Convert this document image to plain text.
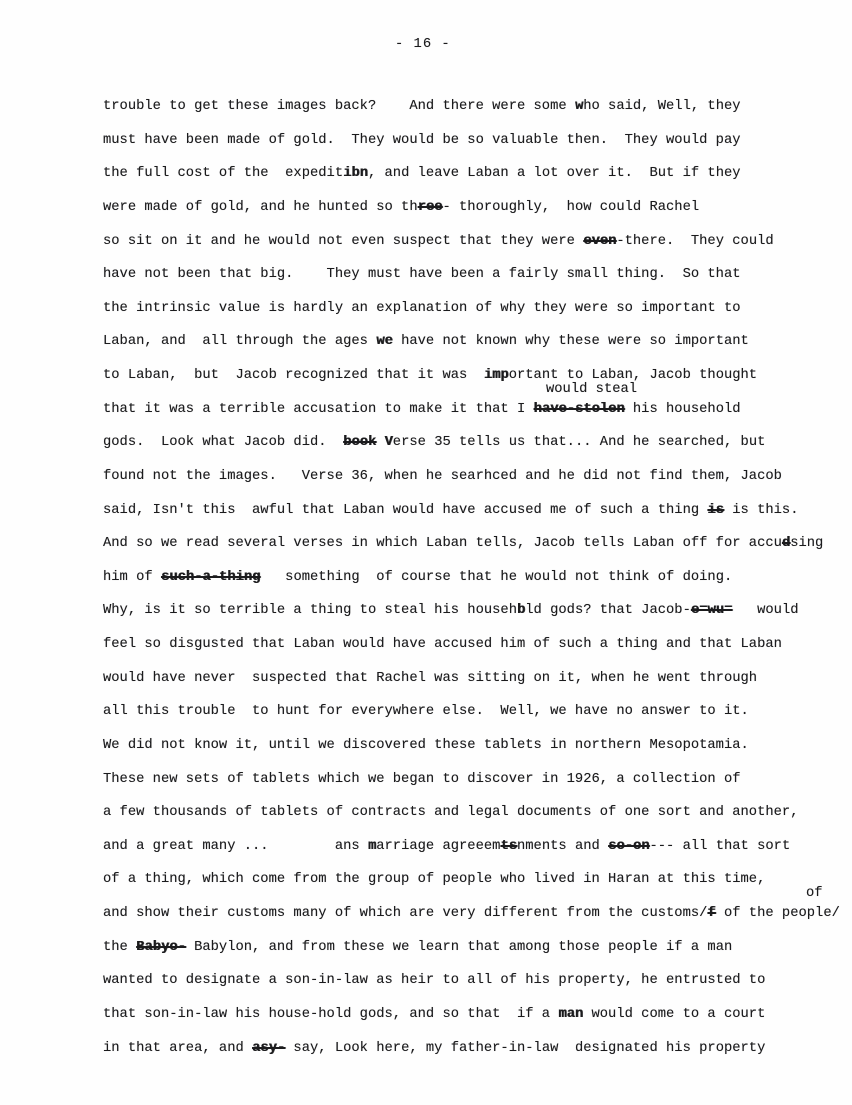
- 16 -
trouble to get these images back?    And there were some who said, Well, they
must have been made of gold.  They would be so valuable then.  They would pay
the full cost of the  expeditibn, and leave Laban a lot over it.  But if they
were made of gold, and he hunted so three- thoroughly,  how could Rachel
so sit on it and he would not even suspect that they were even-there.  They could
have not been that big.    They must have been a fairly small thing.  So that
the intrinsic value is hardly an explanation of why they were so important to
Laban, and  all through the ages we have not known why these were so important
to Laban,  but  Jacob recognized that it was  important to Laban, Jacob thought
that it was a terrible accusation to make it that I have-stolen his household
gods.  Look what Jacob did.  book Verse 35 tells us that... And he searched, but
found not the images.   Verse 36, when he searhced and he did not find them, Jacob
said, Isn't this  awful that Laban would have accused me of such a thing is is this.
And so we read several verses in which Laban tells, Jacob tells Laban off for accudsing
him of such-a-thing   something  of course that he would not think of doing.
Why, is it so terrible a thing to steal his househbld gods? that Jacob-e=wu=   would
feel so disgusted that Laban would have accused him of such a thing and that Laban
would have never  suspected that Rachel was sitting on it, when he went through
all this trouble  to hunt for everywhere else.  Well, we have no answer to it.
We did not know it, until we discovered these tablets in northern Mesopotamia.
These new sets of tablets which we began to discover in 1926, a collection of
a few thousands of tablets of contracts and legal documents of one sort and another,
and a great many ...        ans marriage agreeemtsnments and so-on--- all that sort
of a thing, which come from the group of people who lived in Haran at this time,
and show their customs many of which are very different from the customs/f of the people/
the Babyo- Babylon, and from these we learn that among those people if a man
wanted to designate a son-in-law as heir to all of his property, he entrusted to
that son-in-law his house-hold gods, and so that  if a man would come to a court
in that area, and asy- say, Look here, my father-in-law  designated his property
would steal
of
